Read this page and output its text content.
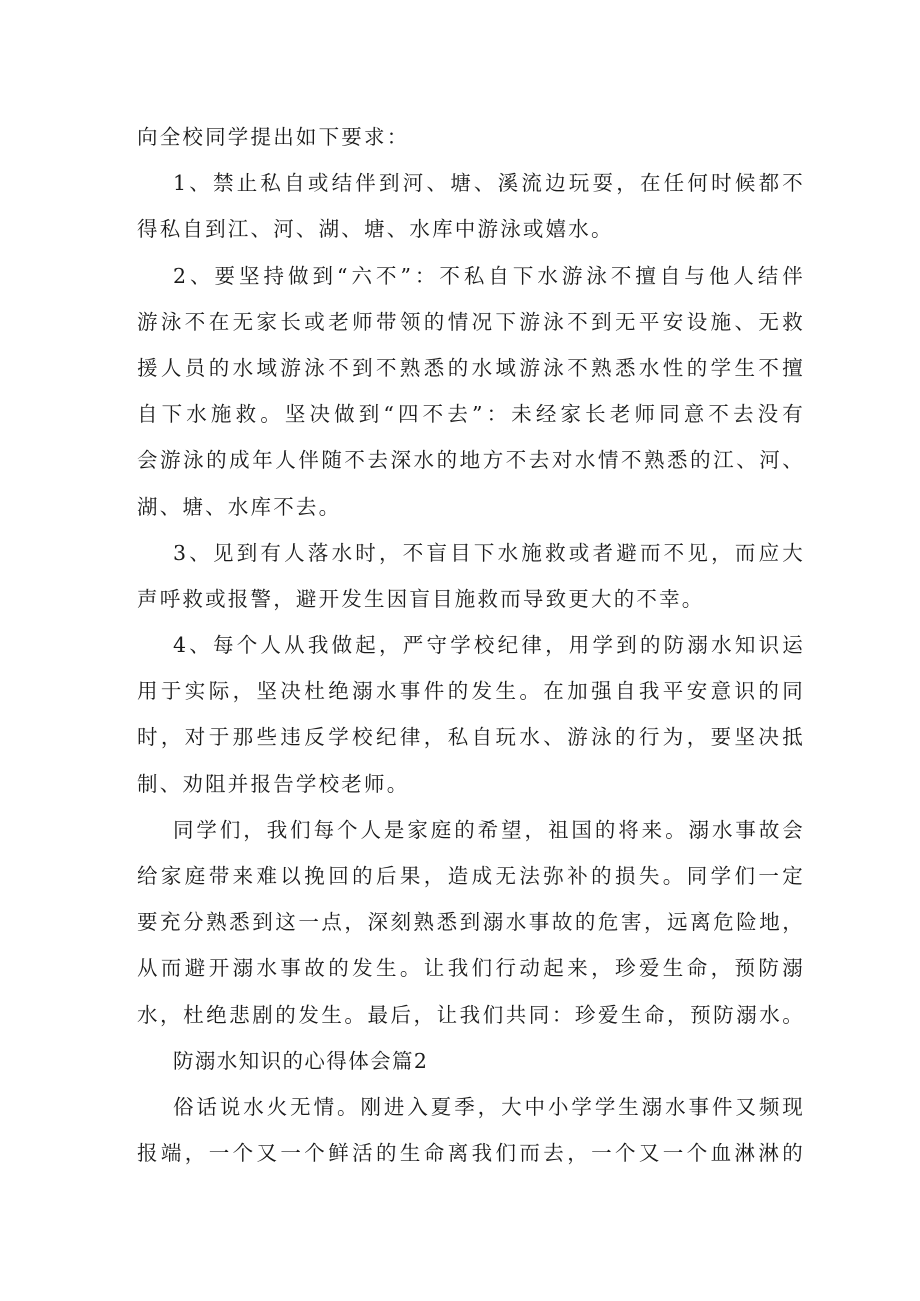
向全校同学提出如下要求：
1、禁止私自或结伴到河、塘、溪流边玩耍，在任何时候都不
得私自到江、河、湖、塘、水库中游泳或嬉水。
2、要坚持做到“六不”：不私自下水游泳不擅自与他人结伴
游泳不在无家长或老师带领的情况下游泳不到无平安设施、无救
援人员的水域游泳不到不熟悉的水域游泳不熟悉水性的学生不擅
自下水施救。坚决做到“四不去”：未经家长老师同意不去没有
会游泳的成年人伴随不去深水的地方不去对水情不熟悉的江、河、
湖、塘、水库不去。
3、见到有人落水时，不盲目下水施救或者避而不见，而应大
声呼救或报警，避开发生因盲目施救而导致更大的不幸。
4、每个人从我做起，严守学校纪律，用学到的防溺水知识运
用于实际，坚决杜绝溺水事件的发生。在加强自我平安意识的同
时，对于那些违反学校纪律，私自玩水、游泳的行为，要坚决抵
制、劝阻并报告学校老师。
同学们，我们每个人是家庭的希望，祖国的将来。溺水事故会
给家庭带来难以挽回的后果，造成无法弥补的损失。同学们一定
要充分熟悉到这一点，深刻熟悉到溺水事故的危害，远离危险地，
从而避开溺水事故的发生。让我们行动起来，珍爱生命，预防溺
水，杜绝悲剧的发生。最后，让我们共同：珍爱生命，预防溺水。
防溺水知识的心得体会篇2
俗话说水火无情。刚进入夏季，大中小学学生溺水事件又频现
报端，一个又一个鲜活的生命离我们而去，一个又一个血淋淋的
